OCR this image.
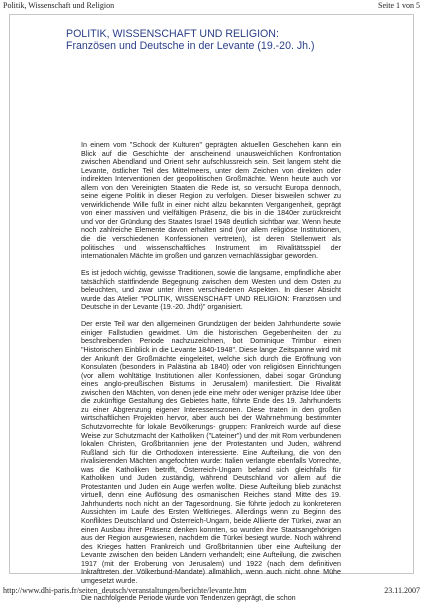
Politik, Wissenschaft und Religion	Seite 1 von 5
POLITIK, WISSENSCHAFT UND RELIGION:
Französen und Deutsche in der Levante (19.-20. Jh.)

In einem vom "Schock der Kulturen" geprägten aktuellen Geschehen kann ein Blick auf die Geschichte der anscheinend unausweichlichen Konfrontation zwischen Abendland und Orient sehr aufschlussreich sein. Seit langem steht die Levante, östlicher Teil des Mittelmeers, unter dem Zeichen von direkten oder indirekten Interventionen der geopolitischen Großmächte. Wenn heute auch vor allem von den Vereinigten Staaten die Rede ist, so versucht Europa dennoch, seine eigene Politik in dieser Region zu verfolgen. Dieser bisweilen schwer zu verwirklichende Wille fußt in einer nicht allzu bekannten Vergangenheit, geprägt von einer massiven und vielfältigen Präsenz, die bis in die 1840er zurückreicht und vor der Gründung des Staates Israel 1948 deutlich sichtbar war. Wenn heute noch zahlreiche Elemente davon erhalten sind (vor allem religiöse Institutionen, die die verschiedenen Konfessionen vertreten), ist deren Stellenwert als politisches und wissenschaftliches Instrument im Rivalitätsspiel der internationalen Mächte im großen und ganzen vernachlässigbar geworden.

Es ist jedoch wichtig, gewisse Traditionen, sowie die langsame, empfindliche aber tatsächlich stattfindende Begegnung zwischen dem Westen und dem Osten zu beleuchten, und zwar unter ihren verschiedenen Aspekten. In dieser Absicht wurde das Atelier "POLITIK, WISSENSCHAFT UND RELIGION: Französen und Deutsche in der Levante (19.-20. Jhdt)" organisiert.

Der erste Teil war den allgemeinen Grundzügen der beiden Jahrhunderte sowie einiger Fallstudien gewidmet. Um die historischen Gegebenheiten der zu beschreibenden Periode nachzuzeichnen, bot Dominique Trimbur einen "Historischen Einblick in die Levante 1840-1948". Diese lange Zeitspanne wird mit der Ankunft der Großmächte eingeleitet, welche sich durch die Eröffnung von Konsulaten (besonders in Palästina ab 1840) oder von religiösen Einrichtungen (vor allem wohltätige Institutionen aller Konfessionen, dabei sogar Gründung eines anglo-preußischen Bistums in Jerusalem) manifestiert. Die Rivalität zwischen den Mächten, von denen jede eine mehr oder weniger präzise Idee über die zukünftige Gestaltung des Gebietes hatte, führte Ende des 19. Jahrhunderts zu einer Abgrenzung eigener Interessenszonen. Diese traten in den großen wirtschaftlichen Projekten hervor, aber auch bei der Wahrnehmung bestimmter Schutzvorrechte für lokale Bevölkerungs- gruppen: Frankreich wurde auf diese Weise zur Schutzmacht der Katholiken ("Lateiner") und der mit Rom verbundenen lokalen Christen, Großbritannien jene der Protestanten und Juden, während Rußland sich für die Orthodoxen interessierte. Eine Aufteilung, die von den rivalisierenden Mächten angefochten wurde: Italien verlangte ebenfalls Vorrechte, was die Katholiken betrifft, Österreich-Ungarn befand sich gleichfalls für Katholiken und Juden zuständig, während Deutschland vor allem auf die Protestanten und Juden ein Auge werfen wollte. Diese Aufteilung blieb zunächst virtuell, denn eine Auflösung des osmanischen Reiches stand Mitte des 19. Jahrhunderts noch nicht an der Tagesordnung. Sie führte jedoch zu konkreteren Aussichten im Laufe des Ersten Weltkrieges. Allerdings wenn zu Beginn des Konfliktes Deutschland und Österreich-Ungarn, beide Alliierte der Türkei, zwar an einen Ausbau ihrer Präsenz denken konnten, so wurden ihre Staatsangehörigen aus der Region ausgewiesen, nachdem die Türkei besiegt wurde. Noch während des Krieges hatten Frankreich und Großbritannien über eine Aufteilung der Levante zwischen den beiden Ländern verhandelt; eine Aufteilung, die zwischen 1917 (mit der Eroberung von Jerusalem) und 1922 (nach dem definitiven Inkrafttreten der Völkerbund-Mandate) allmählich, wenn auch nicht ohne Mühe umgesetzt wurde.

Die nachfolgende Periode wurde von Tendenzen geprägt, die schon

http://www.dhi-paris.fr/seiten_deutsch/veranstaltungen/berichte/levante.htm	23.11.2007
